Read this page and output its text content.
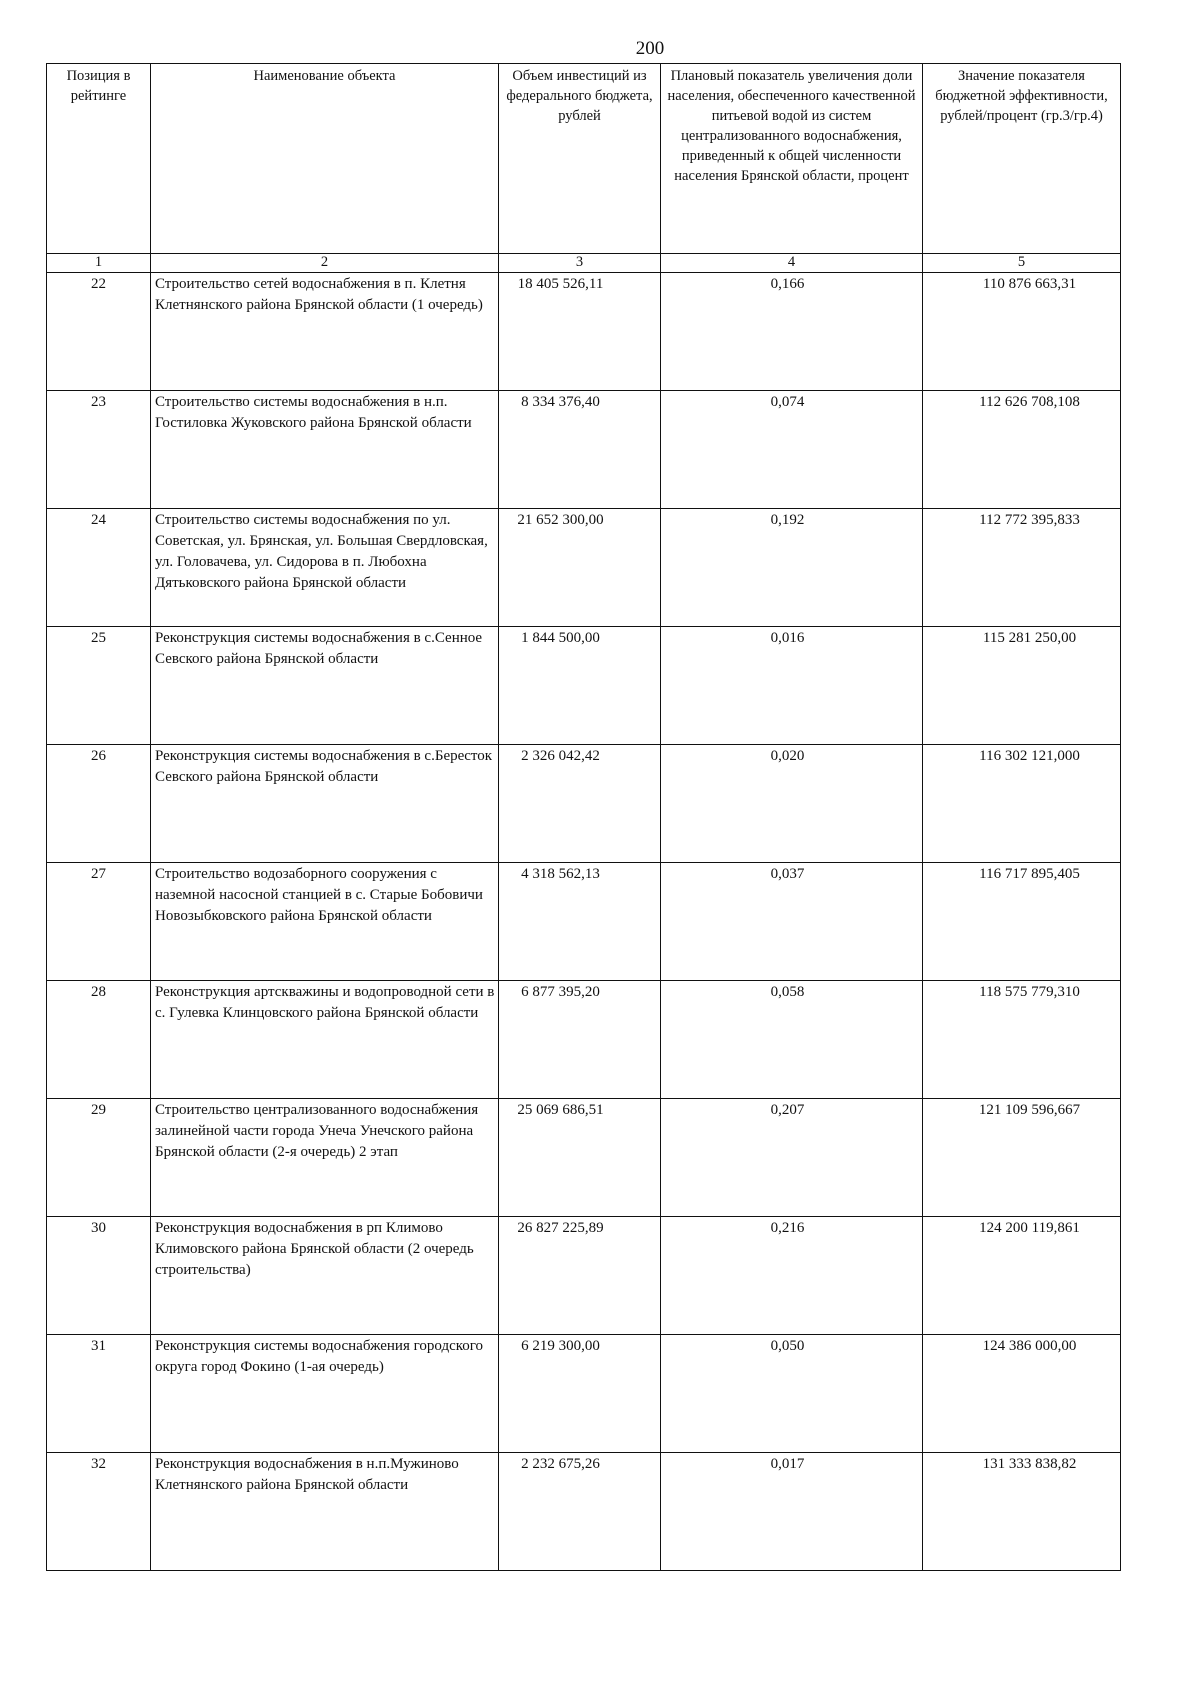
200
Позиция в рейтинге	Наименование объекта	Объем инвестиций из федерального бюджета, рублей	Плановый показатель увеличения доли населения, обеспеченного качественной питьевой водой из систем централизованного водоснабжения, приведенный к общей численности населения Брянской области, процент	Значение показателя бюджетной эффективности, рублей/процент (гр.3/гр.4)
1	2	3	4	5
22	Строительство сетей водоснабжения в п. Клетня Клетнянского района Брянской области (1 очередь)	18 405 526,11	0,166	110 876 663,31
23	Строительство системы водоснабжения в н.п. Гостиловка Жуковского района Брянской области	8 334 376,40	0,074	112 626 708,108
24	Строительство системы водоснабжения по ул. Советская, ул. Брянская, ул. Большая Свердловская, ул. Головачева, ул. Сидорова в п. Любохна Дятьковского района Брянской области	21 652 300,00	0,192	112 772 395,833
25	Реконструкция системы водоснабжения в с.Сенное Севского района Брянской области	1 844 500,00	0,016	115 281 250,00
26	Реконструкция системы водоснабжения в с.Берeсток Севского района Брянской области	2 326 042,42	0,020	116 302 121,000
27	Строительство водозаборного сооружения с наземной насосной станцией в с. Старые Бобовичи Новозыбковского района Брянской области	4 318 562,13	0,037	116 717 895,405
28	Реконструкция артскважины и водопроводной сети в с. Гулевка Клинцовского района Брянской области	6 877 395,20	0,058	118 575 779,310
29	Строительство централизованного водоснабжения залинейной части города Унеча Унечского района Брянской области (2-я очередь) 2 этап	25 069 686,51	0,207	121 109 596,667
30	Реконструкция водоснабжения в рп Климово Климовского района Брянской области (2 очередь строительства)	26 827 225,89	0,216	124 200 119,861
31	Реконструкция системы водоснабжения городского округа город Фокино (1-ая очередь)	6 219 300,00	0,050	124 386 000,00
32	Реконструкция водоснабжения в н.п.Мужиново Клетнянского района Брянской области	2 232 675,26	0,017	131 333 838,82
